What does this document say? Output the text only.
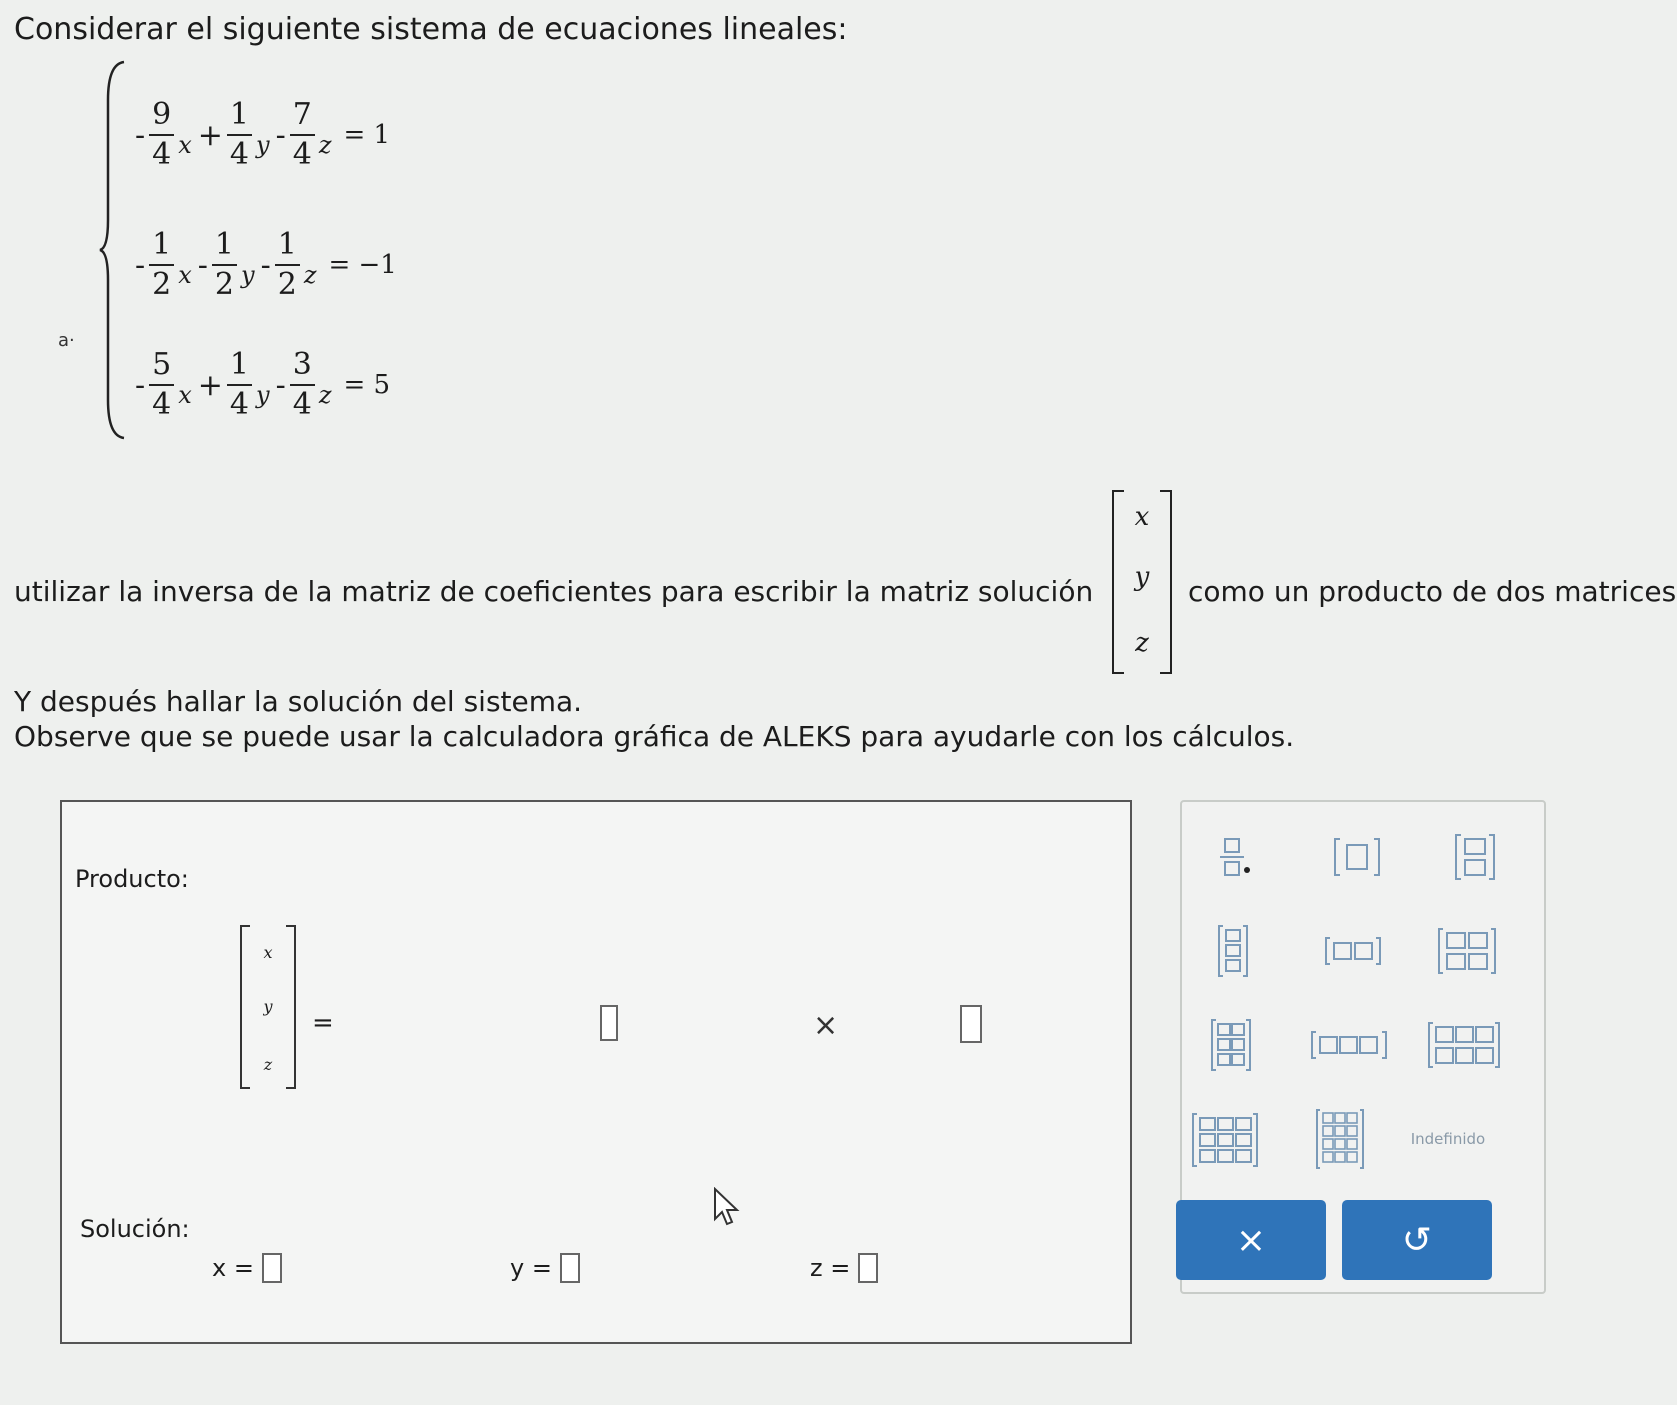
Considerar el siguiente sistema de ecuaciones lineales:
a·
- $\frac{9}{4}$ $x + \frac{1}{4}$ y - $\frac{7}{4}$ z = 1
- $\frac{1}{2}$ x - $\frac{1}{2}$ y - $\frac{1}{2}$ z = −1
- $\frac{5}{4}$ $x + \frac{1}{4}$ y - $\frac{3}{4}$ z = 5
utilizar la inversa de la matriz de coeficientes para escribir la matriz solución
x
y
z
como un producto de dos matrices
Y después hallar la solución del sistema.
Observe que se puede usar la calculadora gráfica de ALEKS para ayudarle con los cálculos.
Producto:
x
y
z
=	×
Solución:
x =	y =	z =
Indefinido
×	↺
